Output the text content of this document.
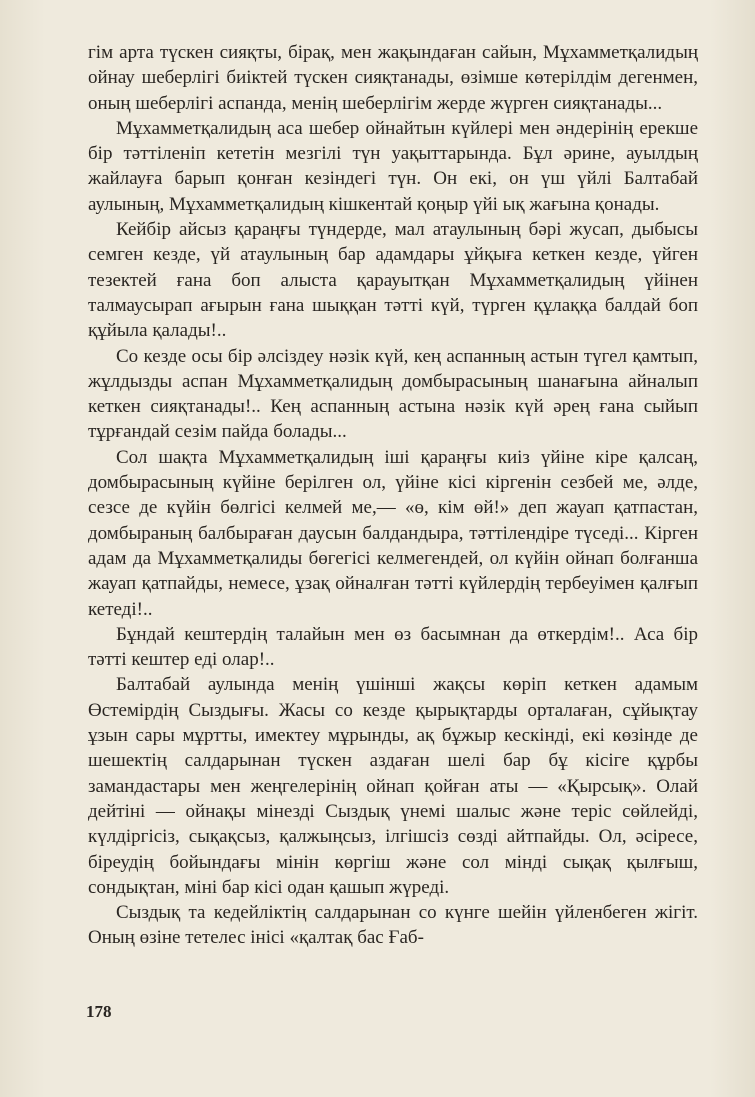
гім арта түскен сияқты, бірақ, мен жақындаған сайын, Мұхамметқалидың ойнау шеберлігі биіктей түскен сияқтанады, өзімше көтерілдім дегенмен, оның шеберлігі аспанда, менің шеберлігім жерде жүрген сияқтанады...

Мұхамметқалидың аса шебер ойнайтын күйлері мен әндерінің ерекше бір тәттіленіп кететін мезгілі түн уақыттарында. Бұл әрине, ауылдың жайлауға барып қонған кезіндегі түн. Он екі, он үш үйлі Балтабай аулының, Мұхамметқалидың кішкентай қоңыр үйі ық жағына қонады.

Кейбір айсыз қараңғы түндерде, мал атаулының бәрі жусап, дыбысы семген кезде, үй атаулының бар адамдары ұйқыға кеткен кезде, үйген тезектей ғана боп алыста қарауытқан Мұхамметқалидың үйінен талмаусырап ағырын ғана шыққан тәтті күй, түрген құлаққа балдай боп құйыла қалады!..

Со кезде осы бір әлсіздеу нәзік күй, кең аспанның астын түгел қамтып, жұлдызды аспан Мұхамметқалидың домбырасының шанағына айналып кеткен сияқтанады!.. Кең аспанның астына нәзік күй әрең ғана сыйып тұрғандай сезім пайда болады...

Сол шақта Мұхамметқалидың іші қараңғы киіз үйіне кіре қалсаң, домбырасының күйіне берілген ол, үйіне кісі кіргенін сезбей ме, әлде, сезсе де күйін бөлгісі келмей ме,— «ө, кім өй!» деп жауап қатпастан, домбыраның балбыраған даусын балдандыра, тәттілендіре түседі... Кірген адам да Мұхамметқалиды бөгегісі келмегендей, ол күйін ойнап болғанша жауап қатпайды, немесе, ұзақ ойналған тәтті күйлердің тербеуімен қалғып кетеді!..

Бұндай кештердің талайын мен өз басымнан да өткердім!.. Аса бір тәтті кештер еді олар!..

Балтабай аулында менің үшінші жақсы көріп кеткен адамым Өстемірдің Сыздығы. Жасы со кезде қырықтарды орталаған, сұйықтау ұзын сары мұртты, имектеу мұрынды, ақ бұжыр кескінді, екі көзінде де шешектің салдарынан түскен аздаған шелі бар бұ кісіге құрбы замандастары мен жеңгелерінің ойнап қойған аты — «Қырсық». Олай дейтіні — ойнақы мінезді Сыздық үнемі шалыс және теріс сөйлейді, күлдіргісіз, сықақсыз, қалжыңсыз, ілгішсіз сөзді айтпайды. Ол, әсіресе, біреудің бойындағы мінін көргіш және сол мінді сықақ қылғыш, сондықтан, міні бар кісі одан қашып жүреді.

Сыздық та кедейліктің салдарынан со күнге шейін үйленбеген жігіт. Оның өзіне тетелес інісі «қалтақ бас Ғаб-

178
